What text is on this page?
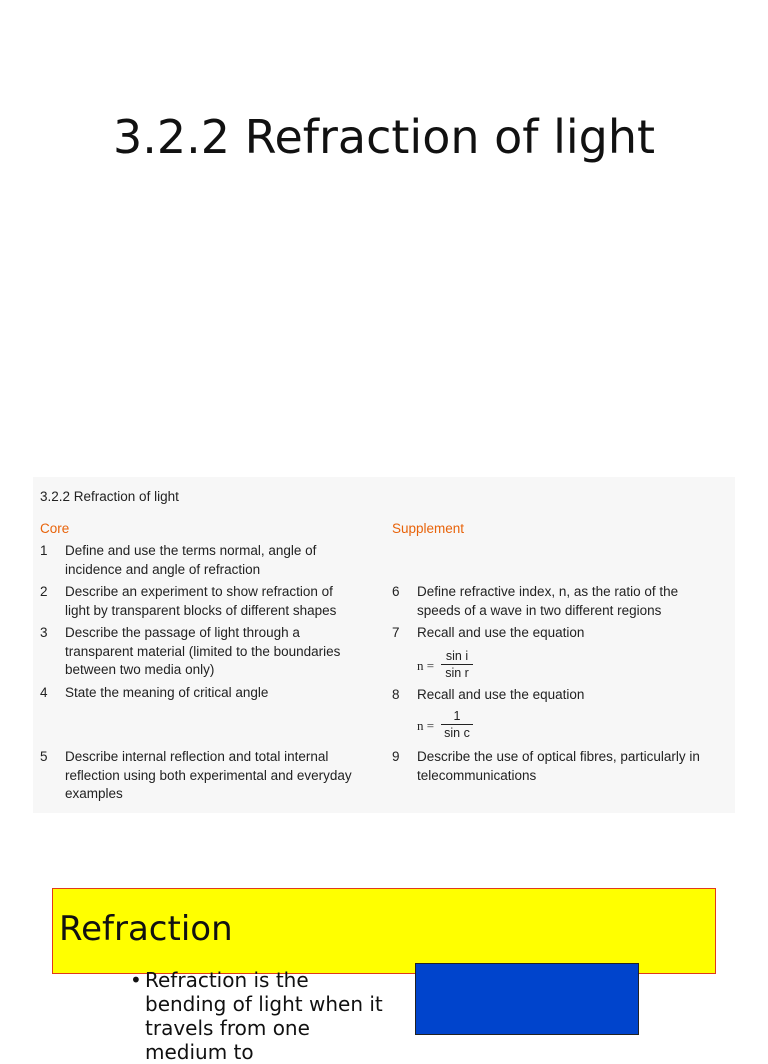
3.2.2 Refraction of light
3.2.2 Refraction of light
Core	Supplement
1	Define and use the terms normal, angle of incidence and angle of refraction
2	Describe an experiment to show refraction of light by transparent blocks of different shapes
3	Describe the passage of light through a transparent material (limited to the boundaries between two media only)
4	State the meaning of critical angle
5	Describe internal reflection and total internal reflection using both experimental and everyday examples
6	Define refractive index, n, as the ratio of the speeds of a wave in two different regions
7	Recall and use the equation
n =
sin i
sin r
8	Recall and use the equation
n =
1
sin c
9	Describe the use of optical fibres, particularly in telecommunications
Refraction
• Refraction is the bending of light when it travels from one medium to
